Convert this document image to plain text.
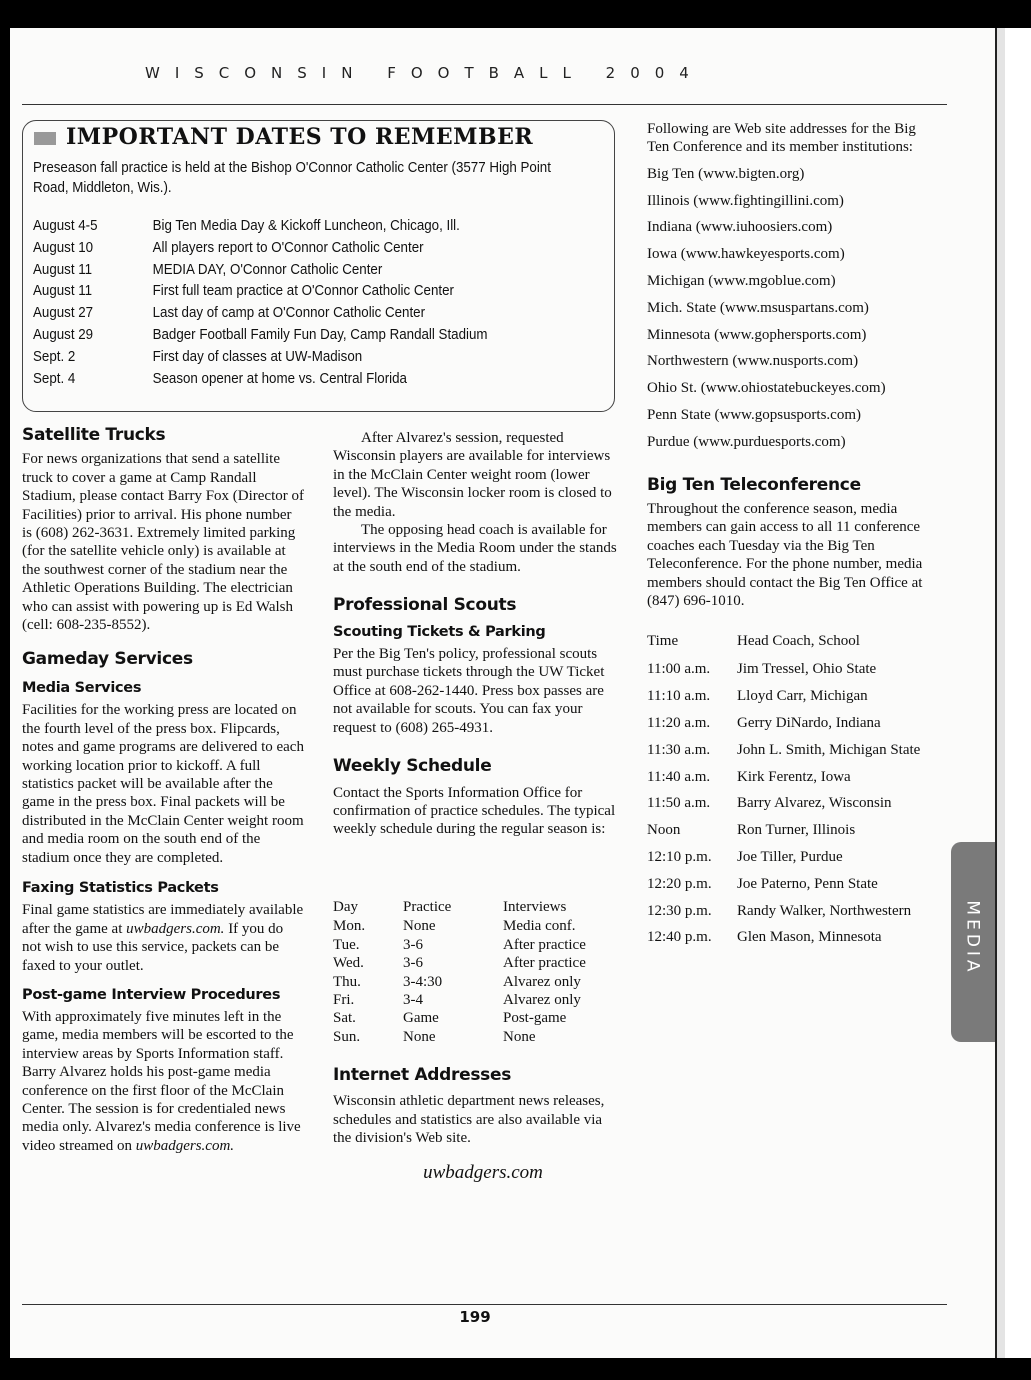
WISCONSIN FOOTBALL 2004
IMPORTANT DATES TO REMEMBER
Preseason fall practice is held at the Bishop O'Connor Catholic Center (3577 High Point Road, Middleton, Wis.).
August 4-5	Big Ten Media Day & Kickoff Luncheon, Chicago, Ill.
August 10	All players report to O'Connor Catholic Center
August 11	MEDIA DAY, O'Connor Catholic Center
August 11	First full team practice at O'Connor Catholic Center
August 27	Last day of camp at O'Connor Catholic Center
August 29	Badger Football Family Fun Day, Camp Randall Stadium
Sept. 2	First day of classes at UW-Madison
Sept. 4	Season opener at home vs. Central Florida
Satellite Trucks

For news organizations that send a satellite truck to cover a game at Camp Randall Stadium, please contact Barry Fox (Director of Facilities) prior to arrival. His phone number is (608) 262-3631. Extremely limited parking (for the satellite vehicle only) is available at the southwest corner of the stadium near the Athletic Operations Building. The electrician who can assist with powering up is Ed Walsh (cell: 608-235-8552).

Gameday Services
Media Services

Facilities for the working press are located on the fourth level of the press box. Flipcards, notes and game programs are delivered to each working location prior to kickoff. A full statistics packet will be available after the game in the press box. Final packets will be distributed in the McClain Center weight room and media room on the south end of the stadium once they are completed.

Faxing Statistics Packets

Final game statistics are immediately available after the game at uwbadgers.com. If you do not wish to use this service, packets can be faxed to your outlet.

Post-game Interview Procedures

With approximately five minutes left in the game, media members will be escorted to the interview areas by Sports Information staff. Barry Alvarez holds his post-game media conference on the first floor of the McClain Center. The session is for credentialed news media only. Alvarez's media conference is live video streamed on uwbadgers.com.

After Alvarez's session, requested Wisconsin players are available for interviews in the McClain Center weight room (lower level). The Wisconsin locker room is closed to the media.

The opposing head coach is available for interviews in the Media Room under the stands at the south end of the stadium.

Professional Scouts
Scouting Tickets & Parking

Per the Big Ten's policy, professional scouts must purchase tickets through the UW Ticket Office at 608-262-1440. Press box passes are not available for scouts. You can fax your request to (608) 265-4931.

Weekly Schedule

Contact the Sports Information Office for confirmation of practice schedules. The typical weekly schedule during the regular season is:

Day	Practice	Interviews
Mon.	None	Media conf.
Tue.	3-6	After practice
Wed.	3-6	After practice
Thu.	3-4:30	Alvarez only
Fri.	3-4	Alvarez only
Sat.	Game	Post-game
Sun.	None	None
Internet Addresses

Wisconsin athletic department news releases, schedules and statistics are also available via the division's Web site.

uwbadgers.com

Following are Web site addresses for the Big Ten Conference and its member institutions:

Big Ten (www.bigten.org)
Illinois (www.fightingillini.com)
Indiana (www.iuhoosiers.com)
Iowa (www.hawkeyesports.com)
Michigan (www.mgoblue.com)
Mich. State (www.msuspartans.com)
Minnesota (www.gophersports.com)
Northwestern (www.nusports.com)
Ohio St. (www.ohiostatebuckeyes.com)
Penn State (www.gopsusports.com)
Purdue (www.purduesports.com)
Big Ten Teleconference

Throughout the conference season, media members can gain access to all 11 conference coaches each Tuesday via the Big Ten Teleconference. For the phone number, media members should contact the Big Ten Office at (847) 696-1010.

Time	Head Coach, School
11:00 a.m.	Jim Tressel, Ohio State
11:10 a.m.	Lloyd Carr, Michigan
11:20 a.m.	Gerry DiNardo, Indiana
11:30 a.m.	John L. Smith, Michigan State
11:40 a.m.	Kirk Ferentz, Iowa
11:50 a.m.	Barry Alvarez, Wisconsin
Noon	Ron Turner, Illinois
12:10 p.m.	Joe Tiller, Purdue
12:20 p.m.	Joe Paterno, Penn State
12:30 p.m.	Randy Walker, Northwestern
12:40 p.m.	Glen Mason, Minnesota	MEDIA
199
